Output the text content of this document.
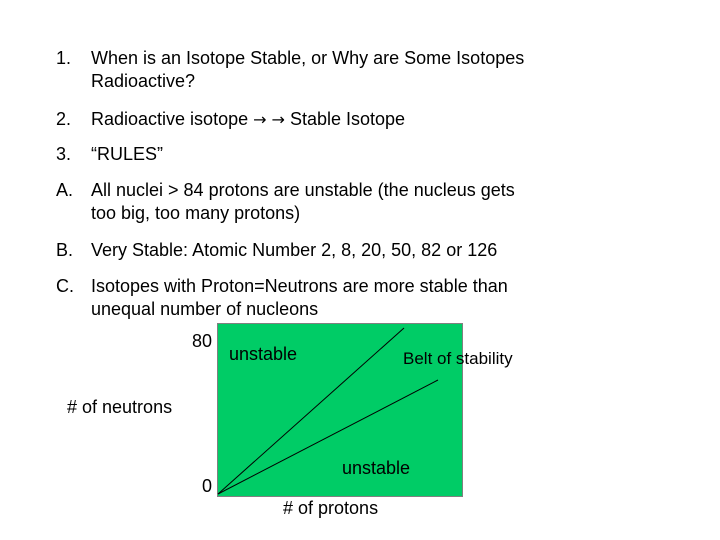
1. When is an Isotope Stable, or Why are Some Isotopes
Radioactive?
2. Radioactive isotope → → Stable Isotope
3. “RULES”
A. All nuclei > 84 protons are unstable (the nucleus gets
too big, too many protons)
B. Very Stable: Atomic Number 2, 8, 20, 50, 82 or 126
C. Isotopes with Proton=Neutrons are more stable than
unequal number of nucleons
80
unstable	Belt of stability
# of neutrons
unstable
0
# of protons
